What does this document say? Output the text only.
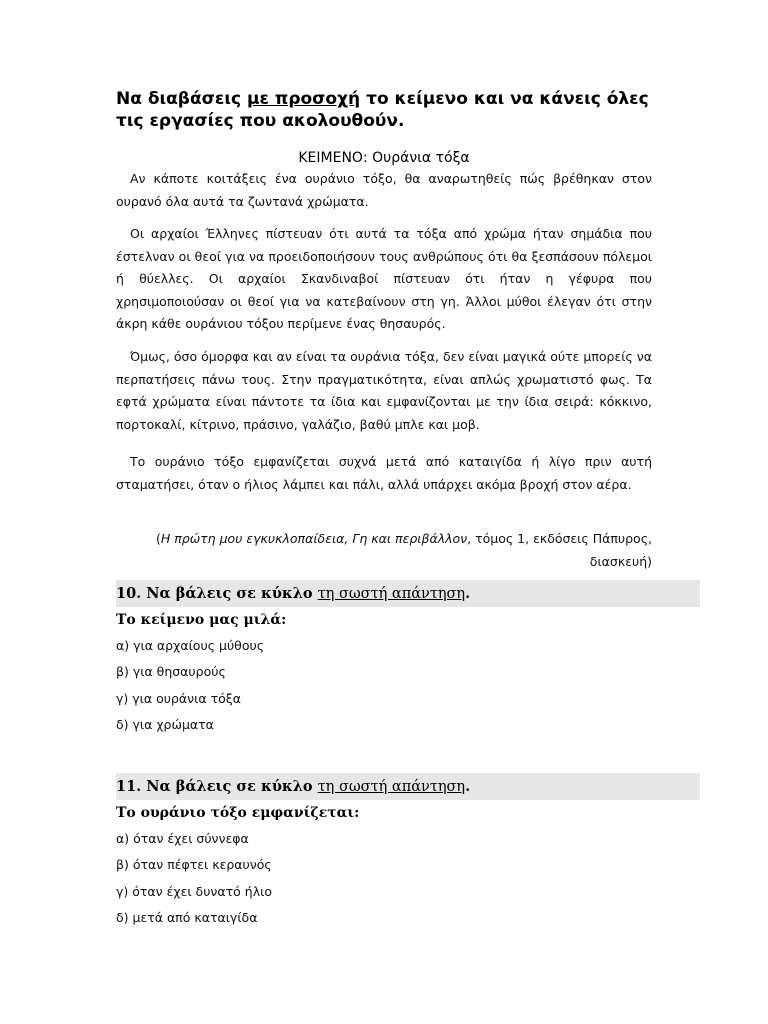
Να διαβάσεις με προσοχή το κείμενο και να κάνεις όλες τις εργασίες που ακολουθούν.
ΚΕΙΜΕΝΟ: Ουράνια τόξα

Αν κάποτε κοιτάξεις ένα ουράνιο τόξο, θα αναρωτηθείς πώς βρέθηκαν στον ουρανό όλα αυτά τα ζωντανά χρώματα.

Οι αρχαίοι Έλληνες πίστευαν ότι αυτά τα τόξα από χρώμα ήταν σημάδια που έστελναν οι θεοί για να προειδοποιήσουν τους ανθρώπους ότι θα ξεσπάσουν πόλεμοι ή θύελλες. Οι αρχαίοι Σκανδιναβοί πίστευαν ότι ήταν η γέφυρα που χρησιμοποιούσαν οι θεοί για να κατεβαίνουν στη γη. Άλλοι μύθοι έλεγαν ότι στην άκρη κάθε ουράνιου τόξου περίμενε ένας θησαυρός.

Όμως, όσο όμορφα και αν είναι τα ουράνια τόξα, δεν είναι μαγικά ούτε μπορείς να περπατήσεις πάνω τους. Στην πραγματικότητα, είναι απλώς χρωματιστό φως. Τα εφτά χρώματα είναι πάντοτε τα ίδια και εμφανίζονται με την ίδια σειρά: κόκκινο, πορτοκαλί, κίτρινο, πράσινο, γαλάζιο, βαθύ μπλε και μοβ.

Το ουράνιο τόξο εμφανίζεται συχνά μετά από καταιγίδα ή λίγο πριν αυτή σταματήσει, όταν ο ήλιος λάμπει και πάλι, αλλά υπάρχει ακόμα βροχή στον αέρα.

(Η πρώτη μου εγκυκλοπαίδεια, Γη και περιβάλλον, τόμος 1, εκδόσεις Πάπυρος,
διασκευή)
10. Να βάλεις σε κύκλο τη σωστή απάντηση.
Το κείμενο μας μιλά:
α) για αρχαίους μύθους
β) για θησαυρούς
γ) για ουράνια τόξα
δ) για χρώματα
11. Να βάλεις σε κύκλο τη σωστή απάντηση.
Το ουράνιο τόξο εμφανίζεται:
α) όταν έχει σύννεφα
β) όταν πέφτει κεραυνός
γ) όταν έχει δυνατό ήλιο
δ) μετά από καταιγίδα
